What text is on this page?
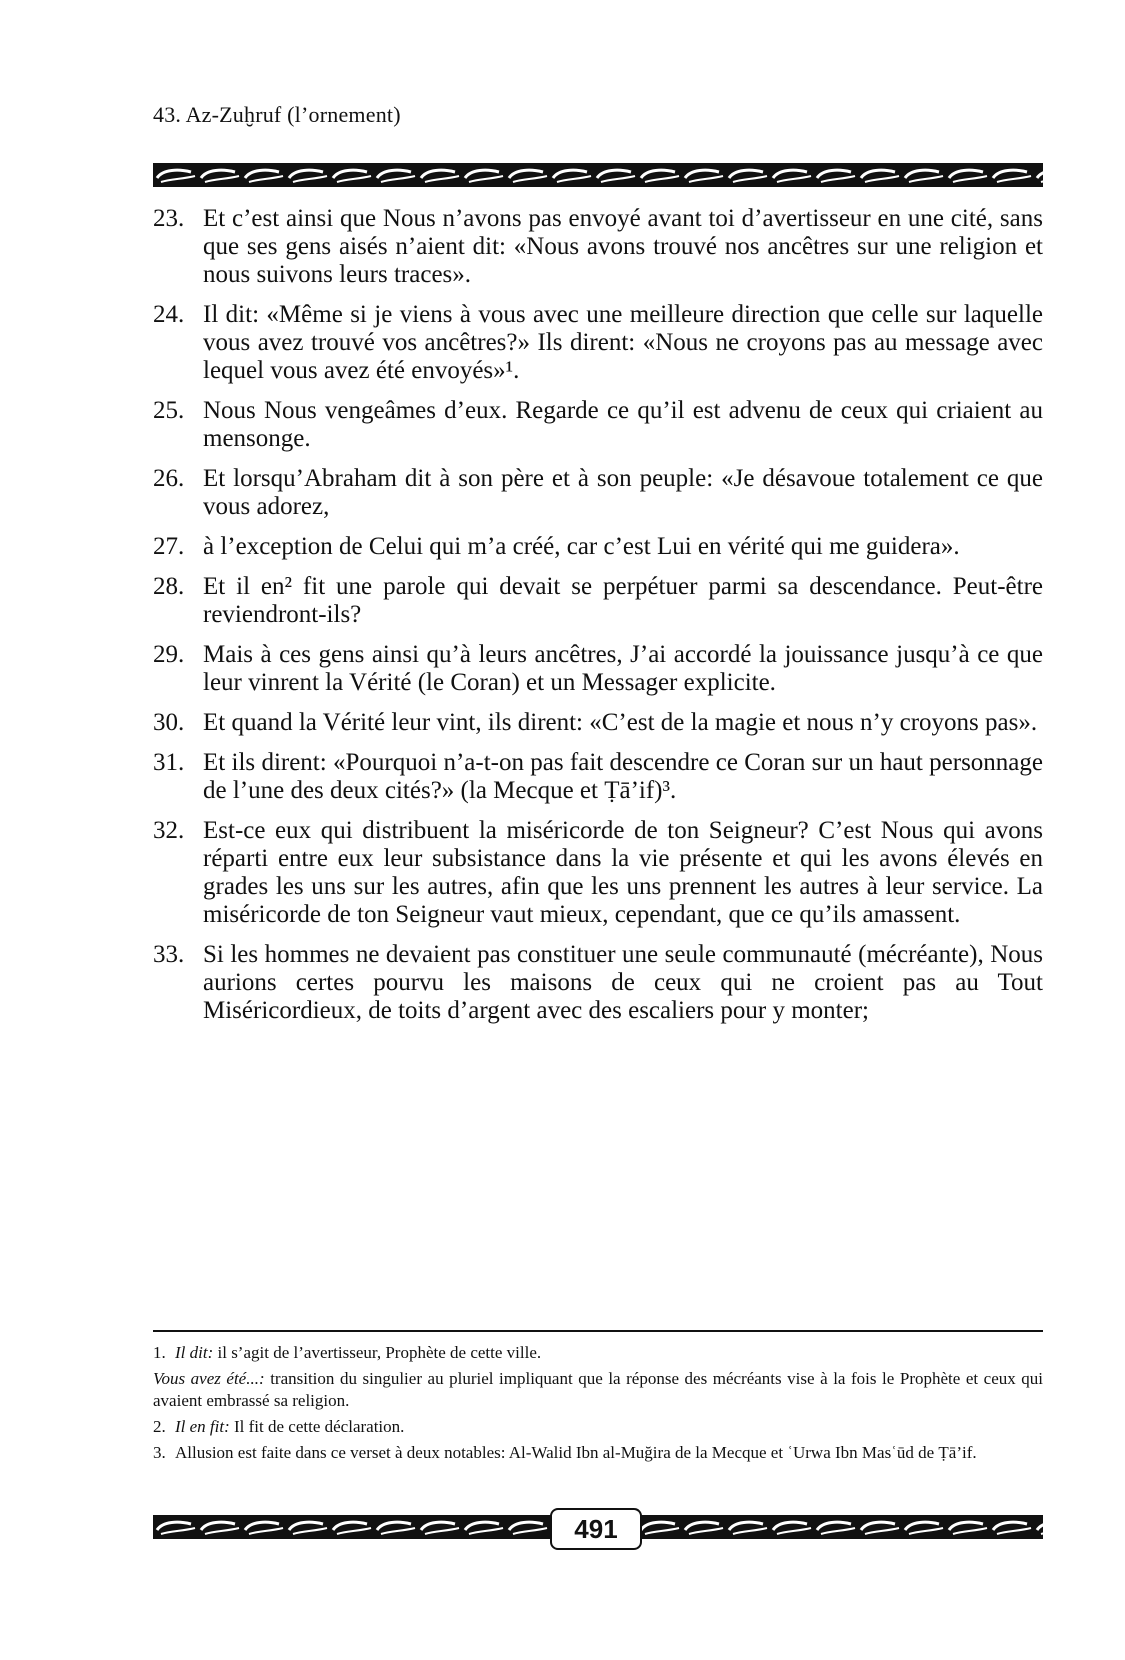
43. Az-Zuḫruf (l’ornement)
23. Et c’est ainsi que Nous n’avons pas envoyé avant toi d’avertisseur en une cité, sans que ses gens aisés n’aient dit: «Nous avons trouvé nos ancêtres sur une religion et nous suivons leurs traces».
24. Il dit: «Même si je viens à vous avec une meilleure direction que celle sur laquelle vous avez trouvé vos ancêtres?» Ils dirent: «Nous ne croyons pas au message avec lequel vous avez été envoyés»¹.
25. Nous Nous vengeâmes d’eux. Regarde ce qu’il est advenu de ceux qui criaient au mensonge.
26. Et lorsqu’Abraham dit à son père et à son peuple: «Je désavoue totalement ce que vous adorez,
27. à l’exception de Celui qui m’a créé, car c’est Lui en vérité qui me guidera».
28. Et il en² fit une parole qui devait se perpétuer parmi sa descendance. Peut-être reviendront-ils?
29. Mais à ces gens ainsi qu’à leurs ancêtres, J’ai accordé la jouissance jusqu’à ce que leur vinrent la Vérité (le Coran) et un Messager explicite.
30. Et quand la Vérité leur vint, ils dirent: «C’est de la magie et nous n’y croyons pas».
31. Et ils dirent: «Pourquoi n’a-t-on pas fait descendre ce Coran sur un haut personnage de l’une des deux cités?» (la Mecque et Ṭā’if)³.
32. Est-ce eux qui distribuent la miséricorde de ton Seigneur? C’est Nous qui avons réparti entre eux leur subsistance dans la vie présente et qui les avons élevés en grades les uns sur les autres, afin que les uns prennent les autres à leur service. La miséricorde de ton Seigneur vaut mieux, cependant, que ce qu’ils amassent.
33. Si les hommes ne devaient pas constituer une seule communauté (mécréante), Nous aurions certes pourvu les maisons de ceux qui ne croient pas au Tout Miséricordieux, de toits d’argent avec des escaliers pour y monter;
1. Il dit: il s’agit de l’avertisseur, Prophète de cette ville.
Vous avez été...: transition du singulier au pluriel impliquant que la réponse des mécréants vise à la fois le Prophète et ceux qui avaient embrassé sa religion.
2. Il en fit: Il fit de cette déclaration.
3. Allusion est faite dans ce verset à deux notables: Al-Walid Ibn al-Muğira de la Mecque et ʿUrwa Ibn Masʿūd de Ṭā’if.
491
